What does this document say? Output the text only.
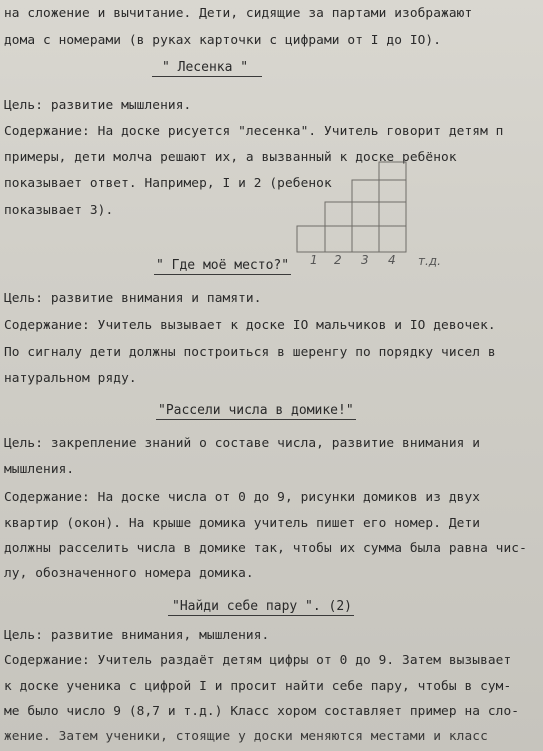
на сложение и вычитание. Дети, сидящие за партами изображают
дома с номерами (в руках карточки с цифрами от I до IO).
" Лесенка "
Цель: развитие мышления.
Содержание: На доске рисуется "лесенка". Учитель говорит детям п
примеры, дети молча решают их, а вызванный к доске ребёнок
показывает ответ. Например, I и 2 (ребенок
показывает 3).
1 2 3 4 т.д.
" Где моё место?"
Цель: развитие внимания и памяти.
Содержание: Учитель вызывает к доске IO мальчиков и IO девочек.
По сигналу дети должны построиться в шеренгу по порядку чисел в
натуральном ряду.
"Рассели числа в домике!"
Цель: закрепление знаний о составе числа, развитие внимания и
мышления.
Содержание: На доске числа от 0 до 9, рисунки домиков из двух
квартир (окон). На крыше домика учитель пишет его номер. Дети
должны расселить числа в домике так, чтобы их сумма была равна чис-
лу, обозначенного номера домика.
"Найди себе пару ". (2)
Цель: развитие внимания, мышления.
Содержание: Учитель раздаёт детям цифры от 0 до 9. Затем вызывает
к доске ученика с цифрой I и просит найти себе пару, чтобы в сум-
ме было число 9 (8,7 и т.д.) Класс хором составляет пример на сло-
жение. Затем ученики, стоящие у доски меняются местами и класс
